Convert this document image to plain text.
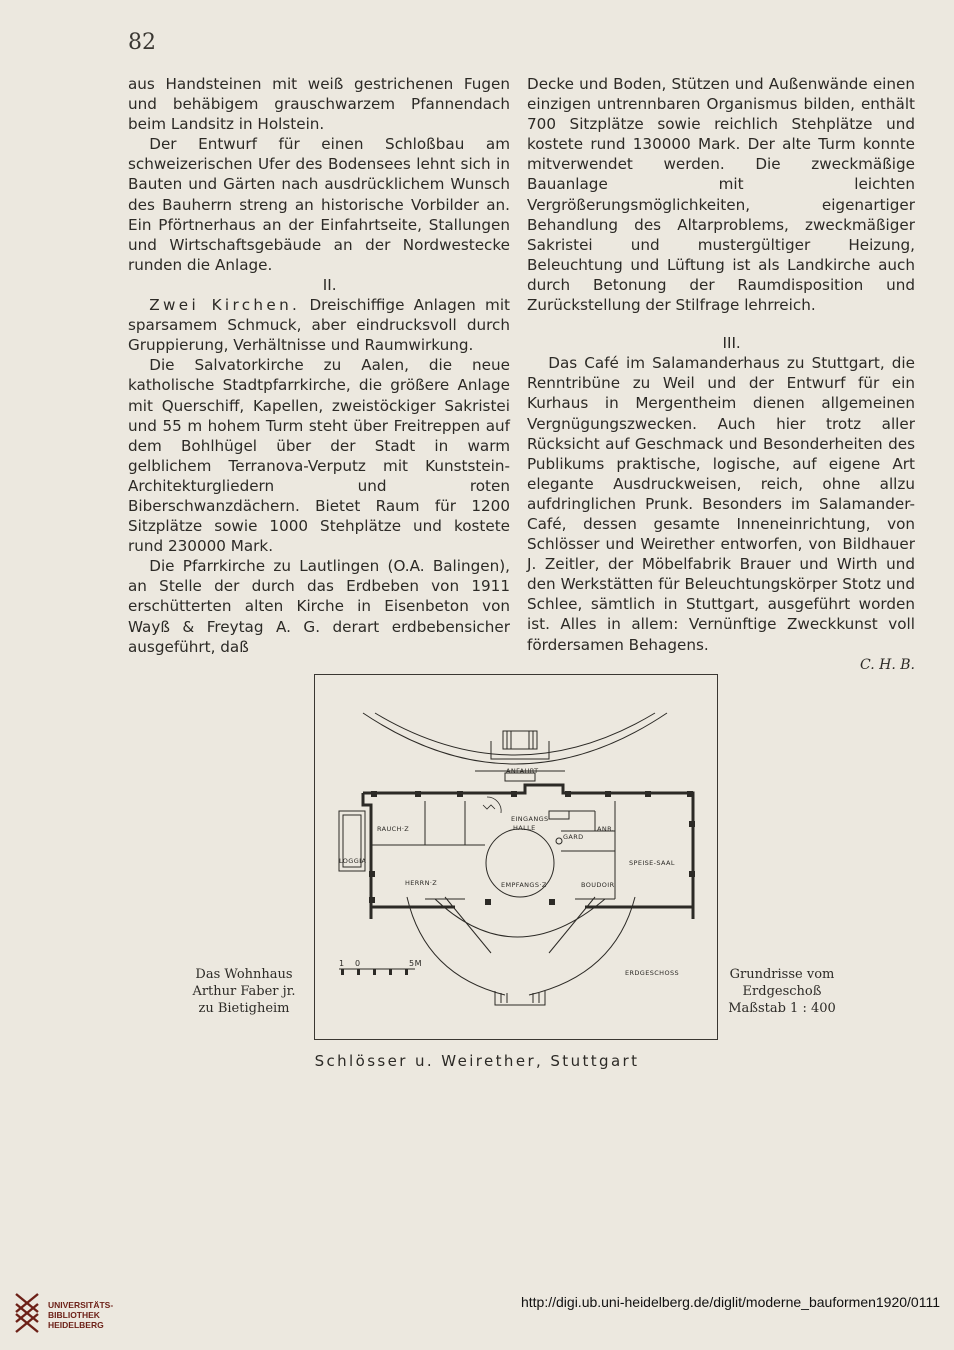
82

aus Handsteinen mit weiß gestrichenen Fugen und behäbigem grauschwarzem Pfannendach beim Landsitz in Holstein.

Der Entwurf für einen Schloßbau am schweizerischen Ufer des Bodensees lehnt sich in Bauten und Gärten nach ausdrücklichem Wunsch des Bauherrn streng an historische Vorbilder an. Ein Pförtnerhaus an der Einfahrtseite, Stallungen und Wirtschaftsgebäude an der Nordwestecke runden die Anlage.

II.

Zwei Kirchen. Dreischiffige Anlagen mit sparsamem Schmuck, aber eindrucksvoll durch Gruppierung, Verhältnisse und Raumwirkung.

Die Salvatorkirche zu Aalen, die neue katholische Stadtpfarrkirche, die größere Anlage mit Querschiff, Kapellen, zweistöckiger Sakristei und 55 m hohem Turm steht über Freitreppen auf dem Bohlhügel über der Stadt in warm gelblichem Terranova-Verputz mit Kunststein-Architekturgliedern und roten Biberschwanzdächern. Bietet Raum für 1200 Sitzplätze sowie 1000 Stehplätze und kostete rund 230000 Mark.

Die Pfarrkirche zu Lautlingen (O.A. Balingen), an Stelle der durch das Erdbeben von 1911 erschütterten alten Kirche in Eisenbeton von Wayß & Freytag A. G. derart erdbebensicher ausgeführt, daß

Decke und Boden, Stützen und Außenwände einen einzigen untrennbaren Organismus bilden, enthält 700 Sitzplätze sowie reichlich Stehplätze und kostete rund 130000 Mark. Der alte Turm konnte mitverwendet werden. Die zweckmäßige Bauanlage mit leichten Vergrößerungsmöglichkeiten, eigenartiger Behandlung des Altarproblems, zweckmäßiger Sakristei und mustergültiger Heizung, Beleuchtung und Lüftung ist als Landkirche auch durch Betonung der Raumdisposition und Zurückstellung der Stilfrage lehrreich.

III.

Das Café im Salamanderhaus zu Stuttgart, die Renntribüne zu Weil und der Entwurf für ein Kurhaus in Mergentheim dienen allgemeinen Vergnügungszwecken. Auch hier trotz aller Rücksicht auf Geschmack und Besonderheiten des Publikums praktische, logische, auf eigene Art elegante Ausdruckweisen, reich, ohne allzu aufdringlichen Prunk. Besonders im Salamander-Café, dessen gesamte Inneneinrichtung, von Schlösser und Weirether entworfen, von Bildhauer J. Zeitler, der Möbelfabrik Brauer und Wirth und den Werkstätten für Beleuchtungskörper Stotz und Schlee, sämtlich in Stuttgart, ausgeführt worden ist. Alles in allem: Vernünftige Zweckkunst voll fördersamen Behagens.

C. H. B.
ANFAHRT
EINGANGS-
HALLE
RAUCH·Z
GARD
ANR.
SPEISE-SAAL
LOGGIA
HERRN·Z	EMPFANGS·Z	BOUDOIR
ERDGESCHOSS
1 0	5M
Das Wohnhaus
Arthur Faber jr.
zu Bietigheim
Grundrisse vom
Erdgeschoß
Maßstab 1 : 400
Schlösser u. Weirether, Stuttgart
UNIVERSITÄTS-
BIBLIOTHEK
HEIDELBERG
http://digi.ub.uni-heidelberg.de/diglit/moderne_bauformen1920/0111
